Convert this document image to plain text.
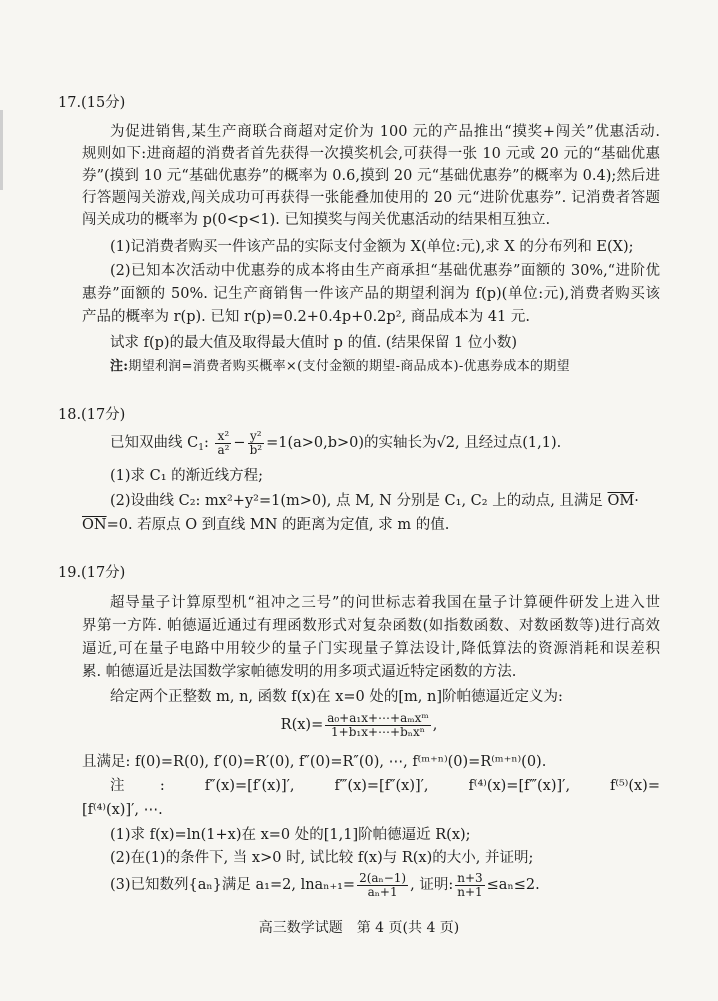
17.(15分)
为促进销售,某生产商联合商超对定价为 100 元的产品推出“摸奖+闯关”优惠活动.
规则如下:进商超的消费者首先获得一次摸奖机会,可获得一张 10 元或 20 元的“基础优惠
券”(摸到 10 元“基础优惠券”的概率为 0.6,摸到 20 元“基础优惠券”的概率为 0.4);然后进
行答题闯关游戏,闯关成功可再获得一张能叠加使用的 20 元“进阶优惠券”. 记消费者答题
闯关成功的概率为 p(0<p<1). 已知摸奖与闯关优惠活动的结果相互独立.
(1)记消费者购买一件该产品的实际支付金额为 X(单位:元),求 X 的分布列和 E(X);
(2)已知本次活动中优惠券的成本将由生产商承担“基础优惠券”面额的 30%,“进阶优
惠券”面额的 50%. 记生产商销售一件该产品的期望利润为 f(p)(单位:元),消费者购买该
产品的概率为 r(p). 已知 r(p)=0.2+0.4p+0.2p², 商品成本为 41 元.
试求 f(p)的最大值及取得最大值时 p 的值. (结果保留 1 位小数)
注:期望利润=消费者购买概率×(支付金额的期望-商品成本)-优惠券成本的期望
18.(17分)
已知双曲线 $C_1$: $\frac{\text{x²}}{\text{a²}} - \frac{\text{y²}}{\text{b²}} =1(a>0,b>0)$的实轴长为√2, 且经过点(1,1).
(1)求 C₁ 的渐近线方程;
(2)设曲线 C₂: mx²+y²=1(m>0), 点 M, N 分别是 C₁, C₂ 上的动点, 且满足 $\overline{OM}\cdot$
$\overline{ON}=0$. 若原点 O 到直线 MN 的距离为定值, 求 m 的值.
19.(17分)
超导量子计算原型机“祖冲之三号”的问世标志着我国在量子计算硬件研发上进入世
界第一方阵. 帕德逼近通过有理函数形式对复杂函数(如指数函数、对数函数等)进行高效
逼近,可在量子电路中用较少的量子门实现量子算法设计,降低算法的资源消耗和误差积
累. 帕德逼近是法国数学家帕德发明的用多项式逼近特定函数的方法.
给定两个正整数 m, n, 函数 f(x)在 x=0 处的[m, n]阶帕德逼近定义为:
$R(x)= \frac{\text{a₀+a₁x+⋯+aₘxᵐ}}{\text{1+b₁x+⋯+bₙxⁿ}}$ ,
且满足: f(0)=R(0), f′(0)=R′(0), f″(0)=R″(0), ⋯, f⁽ᵐ⁺ⁿ⁾(0)=R⁽ᵐ⁺ⁿ⁾(0).
注: f″(x)=[f′(x)]′, f‴(x)=[f″(x)]′, f⁽⁴⁾(x)=[f‴(x)]′, f⁽⁵⁾(x)=
[f⁽⁴⁾(x)]′, ⋯.
(1)求 f(x)=ln(1+x)在 x=0 处的[1,1]阶帕德逼近 R(x);
(2)在(1)的条件下, 当 x>0 时, 试比较 f(x)与 R(x)的大小, 并证明;
(3)已知数列{aₙ}满足 a₁=2, $\ln a_{n+1}= \frac{\text{2(aₙ−1)}}{\text{aₙ+1}}$ , 证明: $\frac{n+3}{n+1} \le a_n\le 2$.
高三数学试题　第 4 页(共 4 页)
